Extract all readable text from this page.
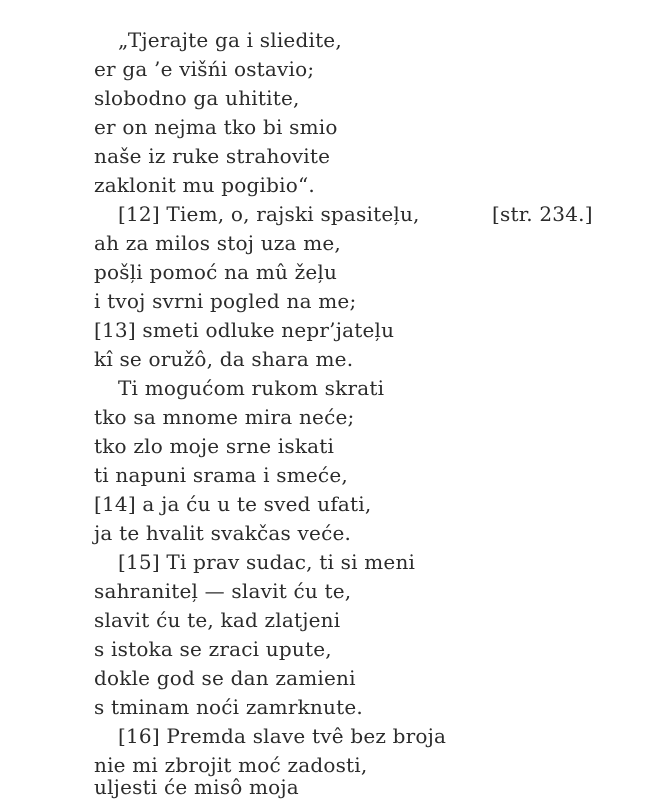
„Tjerajte ga i sliedite,
er ga ’e višńi ostavio;
slobodno ga uhitite,
er on nejma tko bi smio
naše iz ruke strahovite
zaklonit mu pogibio“.
[12] Tiem, o, rajski spasiteļu,	[str. 234.]
ah za milos stoj uza me,
pošļi pomoć na mû žeļu
i tvoj svrni pogled na me;
[13] smeti odluke nepr’jateļu
kî se oružô, da shara me.
Ti mogućom rukom skrati
tko sa mnome mira neće;
tko zlo moje srne iskati
ti napuni srama i smeće,
[14] a ja ću u te sved ufati,
ja te hvalit svakčas veće.
[15] Ti prav sudac, ti si meni
sahraniteļ — slavit ću te,
slavit ću te, kad zlatjeni
s istoka se zraci upute,
dokle god se dan zamieni
s tminam noći zamrknute.
[16] Premda slave tvê bez broja
nie mi zbrojit moć zadosti,
uljesti će misô moja
